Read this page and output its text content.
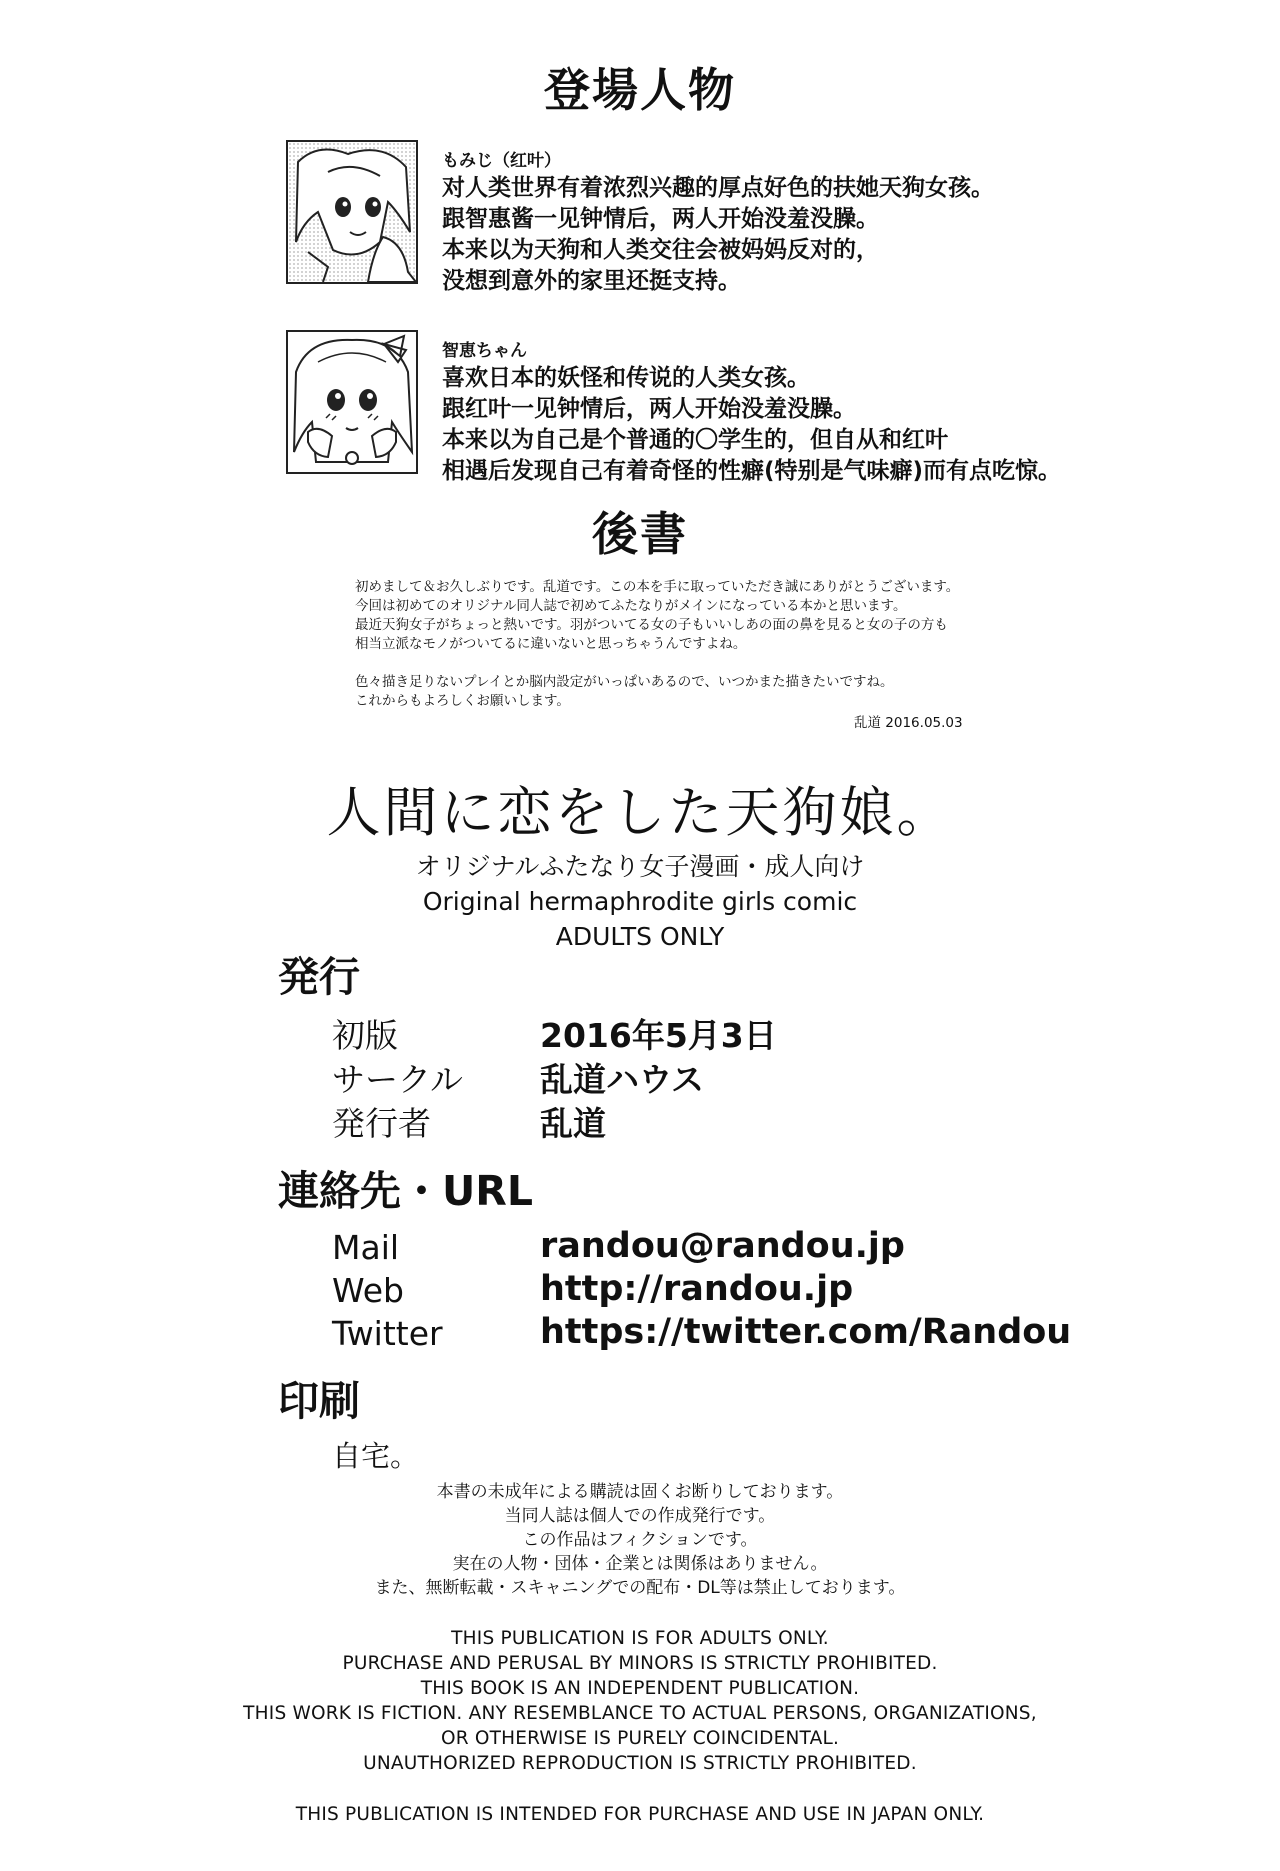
登場人物
もみじ（红叶）
对人类世界有着浓烈兴趣的厚点好色的扶她天狗女孩。
跟智惠酱一见钟情后，两人开始没羞没臊。
本来以为天狗和人类交往会被妈妈反对的，
没想到意外的家里还挺支持。
智恵ちゃん
喜欢日本的妖怪和传说的人类女孩。
跟红叶一见钟情后，两人开始没羞没臊。
本来以为自己是个普通的〇学生的，但自从和红叶
相遇后发现自己有着奇怪的性癖(特别是气味癖)而有点吃惊。
後書
初めまして＆お久しぶりです。乱道です。この本を手に取っていただき誠にありがとうございます。
今回は初めてのオリジナル同人誌で初めてふたなりがメインになっている本かと思います。
最近天狗女子がちょっと熱いです。羽がついてる女の子もいいしあの面の鼻を見ると女の子の方も
相当立派なモノがついてるに違いないと思っちゃうんですよね。
色々描き足りないプレイとか脳内設定がいっぱいあるので、いつかまた描きたいですね。
これからもよろしくお願いします。
乱道 2016.05.03
人間に恋をした天狗娘。
オリジナルふたなり女子漫画・成人向け
Original hermaphrodite girls comic
ADULTS ONLY
発行
初版	2016年5月3日
サークル 乱道ハウス
発行者	乱道
連絡先・URL
Mail	randou@randou.jp
Web	http://randou.jp
Twitter	https://twitter.com/Randou
印刷
自宅。
本書の未成年による購読は固くお断りしております。
当同人誌は個人での作成発行です。
この作品はフィクションです。
実在の人物・団体・企業とは関係はありません。
また、無断転載・スキャニングでの配布・DL等は禁止しております。
THIS PUBLICATION IS FOR ADULTS ONLY.
PURCHASE AND PERUSAL BY MINORS IS STRICTLY PROHIBITED.
THIS BOOK IS AN INDEPENDENT PUBLICATION.
THIS WORK IS FICTION. ANY RESEMBLANCE TO ACTUAL PERSONS, ORGANIZATIONS,
OR OTHERWISE IS PURELY COINCIDENTAL.
UNAUTHORIZED REPRODUCTION IS STRICTLY PROHIBITED.
THIS PUBLICATION IS INTENDED FOR PURCHASE AND USE IN JAPAN ONLY.
